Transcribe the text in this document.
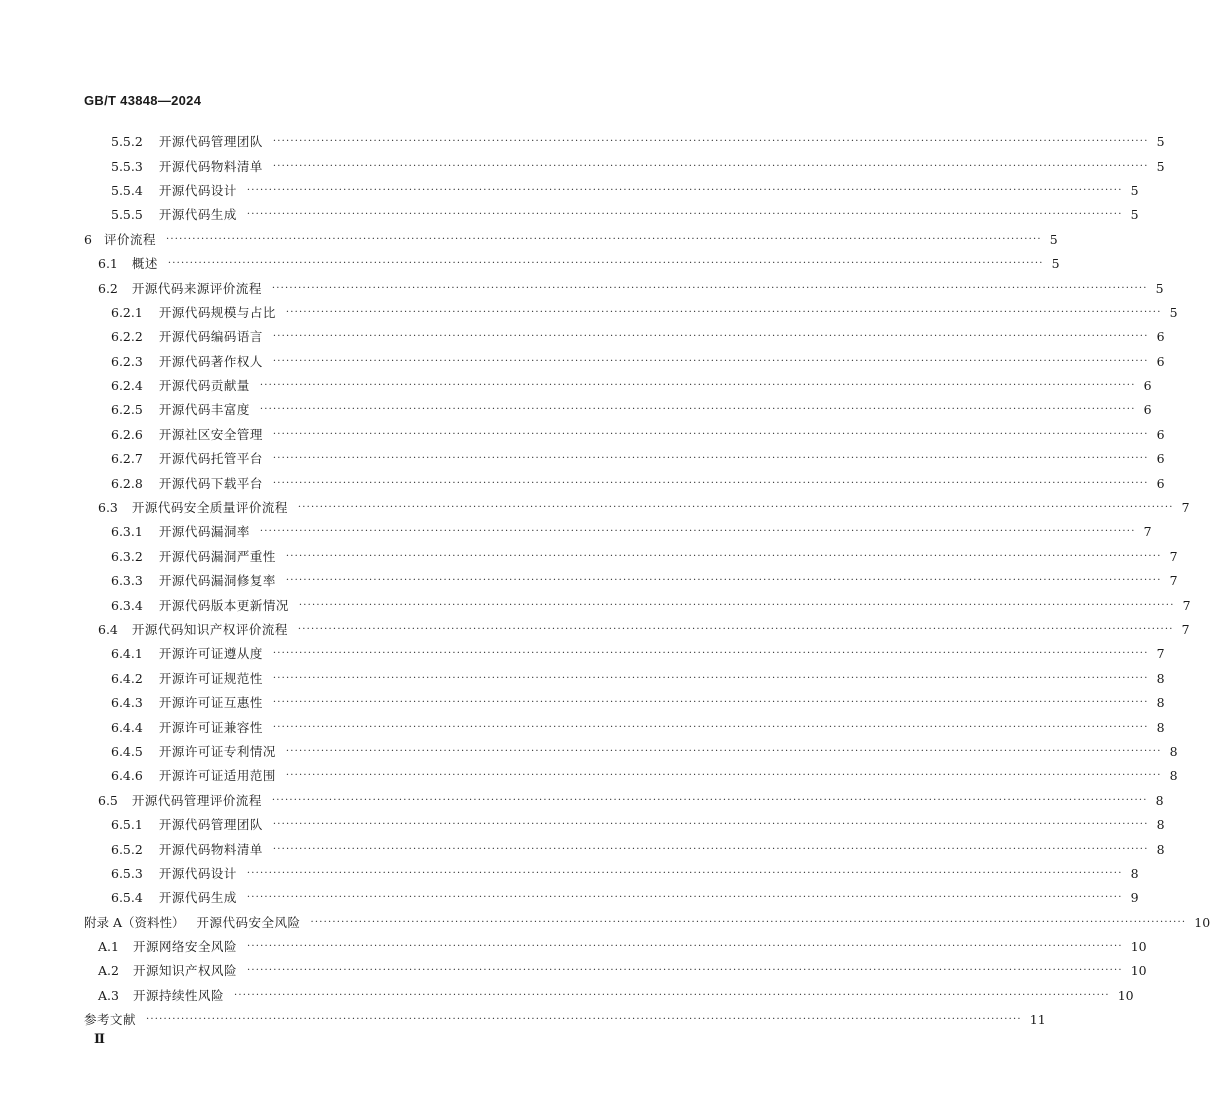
GB/T 43848—2024
5.5.2 开源代码管理团队 ········································································································································································································ 5
5.5.3 开源代码物料清单 ········································································································································································································ 5
5.5.4 开源代码设计 ········································································································································································································ 5
5.5.5 开源代码生成 ········································································································································································································ 5
6 评价流程 ········································································································································································································ 5
6.1 概述 ········································································································································································································ 5
6.2 开源代码来源评价流程 ········································································································································································································ 5
6.2.1 开源代码规模与占比 ········································································································································································································ 5
6.2.2 开源代码编码语言 ········································································································································································································ 6
6.2.3 开源代码著作权人 ········································································································································································································ 6
6.2.4 开源代码贡献量 ········································································································································································································ 6
6.2.5 开源代码丰富度 ········································································································································································································ 6
6.2.6 开源社区安全管理 ········································································································································································································ 6
6.2.7 开源代码托管平台 ········································································································································································································ 6
6.2.8 开源代码下载平台 ········································································································································································································ 6
6.3 开源代码安全质量评价流程 ········································································································································································································ 7
6.3.1 开源代码漏洞率 ········································································································································································································ 7
6.3.2 开源代码漏洞严重性 ········································································································································································································ 7
6.3.3 开源代码漏洞修复率 ········································································································································································································ 7
6.3.4 开源代码版本更新情况 ········································································································································································································ 7
6.4 开源代码知识产权评价流程 ········································································································································································································ 7
6.4.1 开源许可证遵从度 ········································································································································································································ 7
6.4.2 开源许可证规范性 ········································································································································································································ 8
6.4.3 开源许可证互惠性 ········································································································································································································ 8
6.4.4 开源许可证兼容性 ········································································································································································································ 8
6.4.5 开源许可证专利情况 ········································································································································································································ 8
6.4.6 开源许可证适用范围 ········································································································································································································ 8
6.5 开源代码管理评价流程 ········································································································································································································ 8
6.5.1 开源代码管理团队 ········································································································································································································ 8
6.5.2 开源代码物料清单 ········································································································································································································ 8
6.5.3 开源代码设计 ········································································································································································································ 8
6.5.4 开源代码生成 ········································································································································································································ 9
附录 A（资料性） 开源代码安全风险 ········································································································································································································ 10
A.1 开源网络安全风险 ········································································································································································································ 10
A.2 开源知识产权风险 ········································································································································································································ 10
A.3 开源持续性风险 ········································································································································································································ 10
参考文献 ········································································································································································································ 11
Ⅱ
